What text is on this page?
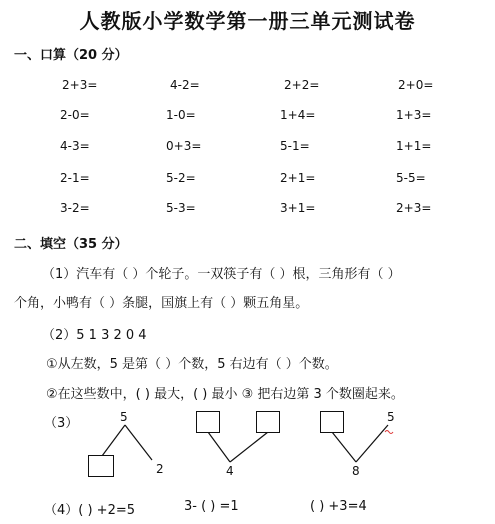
人教版小学数学第一册三单元测试卷
一、口算（20 分）
2+3=	4-2=	2+2=	2+0=
2-0=	1-0=	1+4=	1+3=
4-3=	0+3=	5-1=	1+1=
2-1=	5-2=	2+1=	5-5=
3-2=	5-3=	3+1=	2+3=
二、填空（35 分）
（1）汽车有（ ）个轮子。一双筷子有（ ）根，三角形有（ ）
个角，小鸭有（ ）条腿，国旗上有（ ）颗五角星。
（2）5 1 3 2 0 4
①从左数，5 是第（ ）个数，5 右边有（ ）个数。
②在这些数中，( ) 最大，( ) 最小 ③ 把右边第 3 个数圈起来。
（3）	5
2	4
5
8
（4）( ) +2=5	3- ( ) =1	( ) +3=4
